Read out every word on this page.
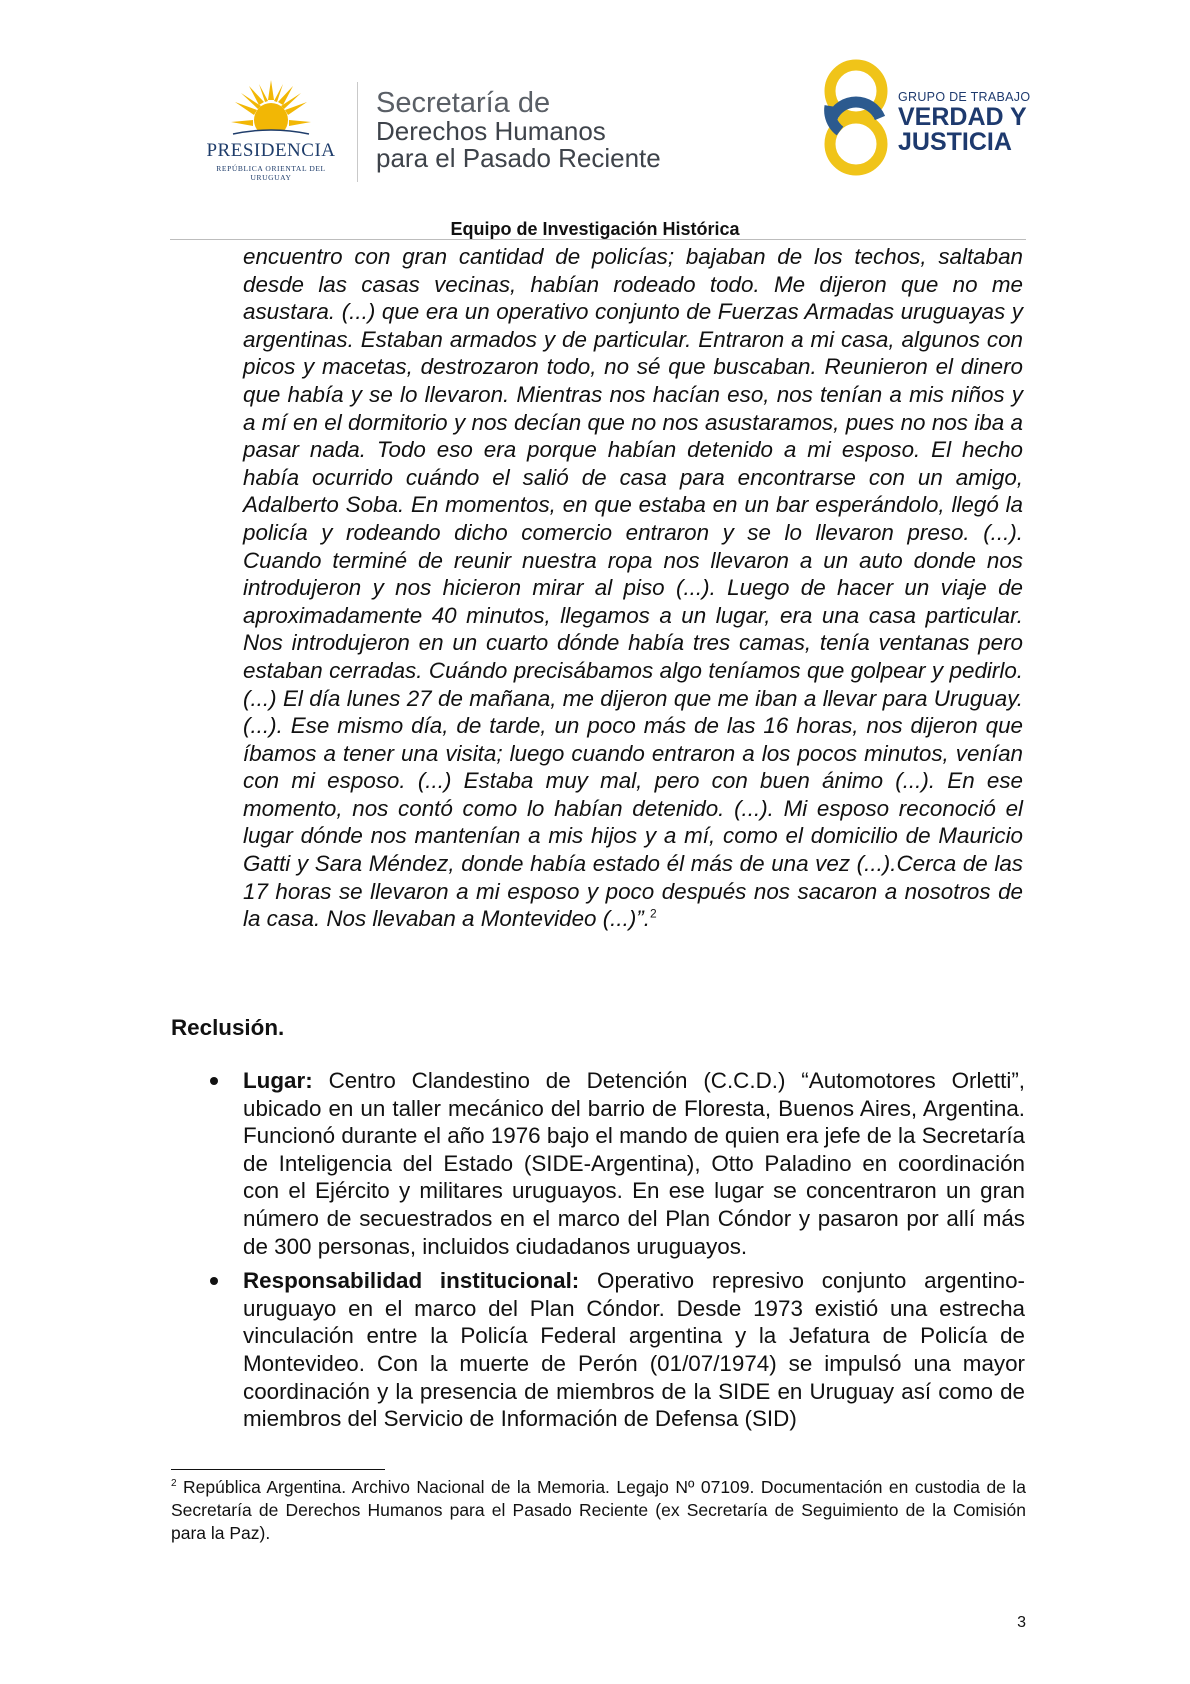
PRESIDENCIA
REPÚBLICA ORIENTAL DEL URUGUAY
Secretaría de
Derechos Humanos
para el Pasado Reciente
GRUPO DE TRABAJO
VERDAD Y
JUSTICIA
Equipo de Investigación Histórica

encuentro con gran cantidad de policías; bajaban de los techos, saltaban desde las casas vecinas, habían rodeado todo. Me dijeron que no me asustara. (...) que era un operativo conjunto de Fuerzas Armadas uruguayas y argentinas. Estaban armados y de particular. Entraron a mi casa, algunos con picos y macetas, destrozaron todo, no sé que buscaban. Reunieron el dinero que había y se lo llevaron. Mientras nos hacían eso, nos tenían a mis niños y a mí en el dormitorio y nos decían que no nos asustaramos, pues no nos iba a pasar nada. Todo eso era porque habían detenido a mi esposo. El hecho había ocurrido cuándo el salió de casa para encontrarse con un amigo, Adalberto Soba. En momentos, en que estaba en un bar esperándolo, llegó la policía y rodeando dicho comercio entraron y se lo llevaron preso. (...). Cuando terminé de reunir nuestra ropa nos llevaron a un auto donde nos introdujeron y nos hicieron mirar al piso (...). Luego de hacer un viaje de aproximadamente 40 minutos, llegamos a un lugar, era una casa particular. Nos introdujeron en un cuarto dónde había tres camas, tenía ventanas pero estaban cerradas. Cuándo precisábamos algo teníamos que golpear y pedirlo. (...) El día lunes 27 de mañana, me dijeron que me iban a llevar para Uruguay. (...). Ese mismo día, de tarde, un poco más de las 16 horas, nos dijeron que íbamos a tener una visita; luego cuando entraron a los pocos minutos, venían con mi esposo. (...) Estaba muy mal, pero con buen ánimo (...). En ese momento, nos contó como lo habían detenido. (...). Mi esposo reconoció el lugar dónde nos mantenían a mis hijos y a mí, como el domicilio de Mauricio Gatti y Sara Méndez, donde había estado él más de una vez (...).Cerca de las 17 horas se llevaron a mi esposo y poco después nos sacaron a nosotros de la casa. Nos llevaban a Montevideo (...)”.$^2$

Reclusión.
Lugar: Centro Clandestino de Detención (C.C.D.) “Automotores Orletti”, ubicado en un taller mecánico del barrio de Floresta, Buenos Aires, Argentina. Funcionó durante el año 1976 bajo el mando de quien era jefe de la Secretaría de Inteligencia del Estado (SIDE-Argentina), Otto Paladino en coordinación con el Ejército y militares uruguayos. En ese lugar se concentraron un gran número de secuestrados en el marco del Plan Cóndor y pasaron por allí más de 300 personas, incluidos ciudadanos uruguayos.
Responsabilidad institucional: Operativo represivo conjunto argentino-uruguayo en el marco del Plan Cóndor. Desde 1973 existió una estrecha vinculación entre la Policía Federal argentina y la Jefatura de Policía de Montevideo. Con la muerte de Perón (01/07/1974) se impulsó una mayor coordinación y la presencia de miembros de la SIDE en Uruguay así como de miembros del Servicio de Información de Defensa (SID)

$^2$ República Argentina. Archivo Nacional de la Memoria. Legajo Nº 07109. Documentación en custodia de la Secretaría de Derechos Humanos para el Pasado Reciente (ex Secretaría de Seguimiento de la Comisión para la Paz).

3
